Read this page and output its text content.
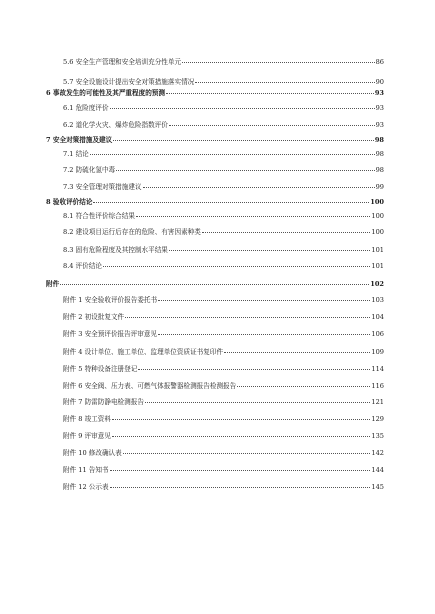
5.6 安全生产管理和安全培训充分性单元	86
5.7 安全设施设计提出安全对策措施落实情况	90
6 事故发生的可能性及其严重程度的预测	93
6.1 危险度评价	93
6.2 道化学火灾、爆炸危险指数评价	93
7 安全对策措施及建议	98
7.1 结论	98
7.2 防硫化氢中毒	98
7.3 安全管理对策措施建议	99
8 验收评价结论	100
8.1 符合性评价综合结果	100
8.2 建设项目运行后存在的危险、有害因素种类	100
8.3 固有危险程度及其控制水平结果	101
8.4 评价结论	101
附件	102
附件 1 安全验收评价报告委托书	103
附件 2 初设批复文件	104
附件 3 安全预评价报告评审意见	106
附件 4 设计单位、施工单位、监理单位资质证书复印件	109
附件 5 特种设备注册登记	114
附件 6 安全阀、压力表、可燃气体报警器检测报告检测报告	116
附件 7 防雷防静电检测报告	121
附件 8 竣工资料	129
附件 9 评审意见	135
附件 10 修改确认表	142
附件 11 告知书	144
附件 12 公示表	145
